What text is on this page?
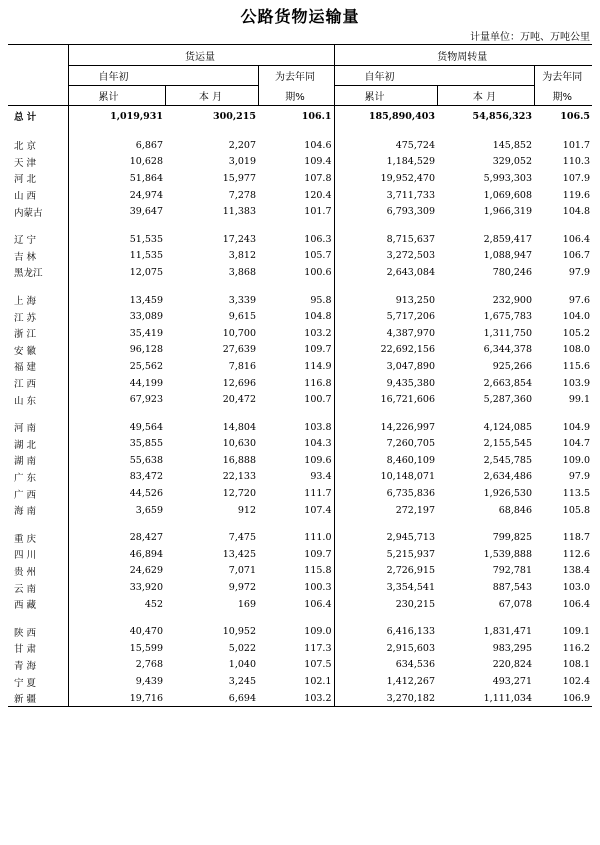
公路货物运输量
计量单位：万吨、万吨公里
	货运量			货物周转量		
	自年初		为去年同	自年初		为去年同
	累计	本 月	期%	累计	本 月	期%
总 计	1,019,931	300,215	106.1	185,890,403	54,856,323	106.5

北 京	6,867	2,207	104.6	475,724	145,852	101.7
天 津	10,628	3,019	109.4	1,184,529	329,052	110.3
河 北	51,864	15,977	107.8	19,952,470	5,993,303	107.9
山 西	24,974	7,278	120.4	3,711,733	1,069,608	119.6
内蒙古	39,647	11,383	101.7	6,793,309	1,966,319	104.8

辽 宁	51,535	17,243	106.3	8,715,637	2,859,417	106.4
吉 林	11,535	3,812	105.7	3,272,503	1,088,947	106.7
黑龙江	12,075	3,868	100.6	2,643,084	780,246	97.9

上 海	13,459	3,339	95.8	913,250	232,900	97.6
江 苏	33,089	9,615	104.8	5,717,206	1,675,783	104.0
浙 江	35,419	10,700	103.2	4,387,970	1,311,750	105.2
安 徽	96,128	27,639	109.7	22,692,156	6,344,378	108.0
福 建	25,562	7,816	114.9	3,047,890	925,266	115.6
江 西	44,199	12,696	116.8	9,435,380	2,663,854	103.9
山 东	67,923	20,472	100.7	16,721,606	5,287,360	99.1

河 南	49,564	14,804	103.8	14,226,997	4,124,085	104.9
湖 北	35,855	10,630	104.3	7,260,705	2,155,545	104.7
湖 南	55,638	16,888	109.6	8,460,109	2,545,785	109.0
广 东	83,472	22,133	93.4	10,148,071	2,634,486	97.9
广 西	44,526	12,720	111.7	6,735,836	1,926,530	113.5
海 南	3,659	912	107.4	272,197	68,846	105.8

重 庆	28,427	7,475	111.0	2,945,713	799,825	118.7
四 川	46,894	13,425	109.7	5,215,937	1,539,888	112.6
贵 州	24,629	7,071	115.8	2,726,915	792,781	138.4
云 南	33,920	9,972	100.3	3,354,541	887,543	103.0
西 藏	452	169	106.4	230,215	67,078	106.4

陕 西	40,470	10,952	109.0	6,416,133	1,831,471	109.1
甘 肃	15,599	5,022	117.3	2,915,603	983,295	116.2
青 海	2,768	1,040	107.5	634,536	220,824	108.1
宁 夏	9,439	3,245	102.1	1,412,267	493,271	102.4
新 疆	19,716	6,694	103.2	3,270,182	1,111,034	106.9
